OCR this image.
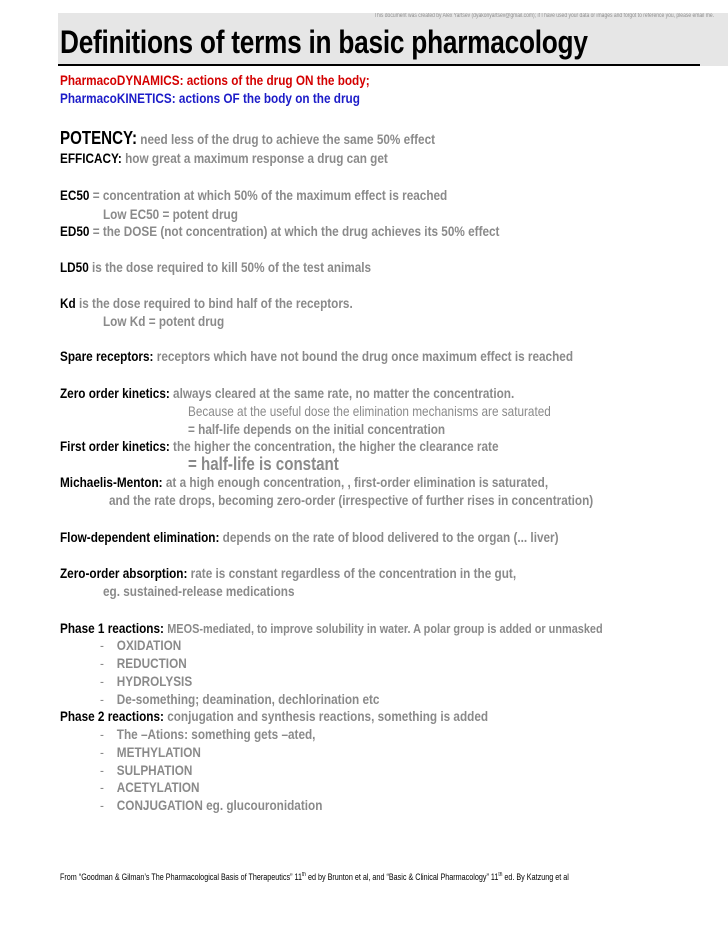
This document was created by Alex Yartsev (dyakonyartsev@gmail.com); if I have used your data or images and forgot to reference you, please email me.
Definitions of terms in basic pharmacology
PharmacoDYNAMICS: actions of the drug ON the body;
PharmacoKINETICS: actions OF the body on the drug
POTENCY: need less of the drug to achieve the same 50% effect
EFFICACY: how great a maximum response a drug can get
EC50 = concentration at which 50% of the maximum effect is reached
Low EC50 = potent drug
ED50 = the DOSE (not concentration) at which the drug achieves its 50% effect
LD50 is the dose required to kill 50% of the test animals
Kd is the dose required to bind half of the receptors.
Low Kd = potent drug
Spare receptors: receptors which have not bound the drug once maximum effect is reached
Zero order kinetics: always cleared at the same rate, no matter the concentration.
Because at the useful dose the elimination mechanisms are saturated
= half-life depends on the initial concentration
First order kinetics: the higher the concentration, the higher the clearance rate
= half-life is constant
Michaelis-Menton: at a high enough concentration, , first-order elimination is saturated,
and the rate drops, becoming zero-order (irrespective of further rises in concentration)
Flow-dependent elimination: depends on the rate of blood delivered to the organ (... liver)
Zero-order absorption: rate is constant regardless of the concentration in the gut,
eg. sustained-release medications
Phase 1 reactions: MEOS-mediated, to improve solubility in water. A polar group is added or unmasked
- OXIDATION
- REDUCTION
- HYDROLYSIS
- De-something; deamination, dechlorination etc
Phase 2 reactions: conjugation and synthesis reactions, something is added
- The –Ations: something gets –ated,
- METHYLATION
- SULPHATION
- ACETYLATION
- CONJUGATION eg. glucouronidation
From “Goodman & Gilman’s The Pharmacological Basis of Therapeutics” 11th ed by Brunton et al, and “Basic & Clinical Pharmacology” 11th ed. By Katzung et al
